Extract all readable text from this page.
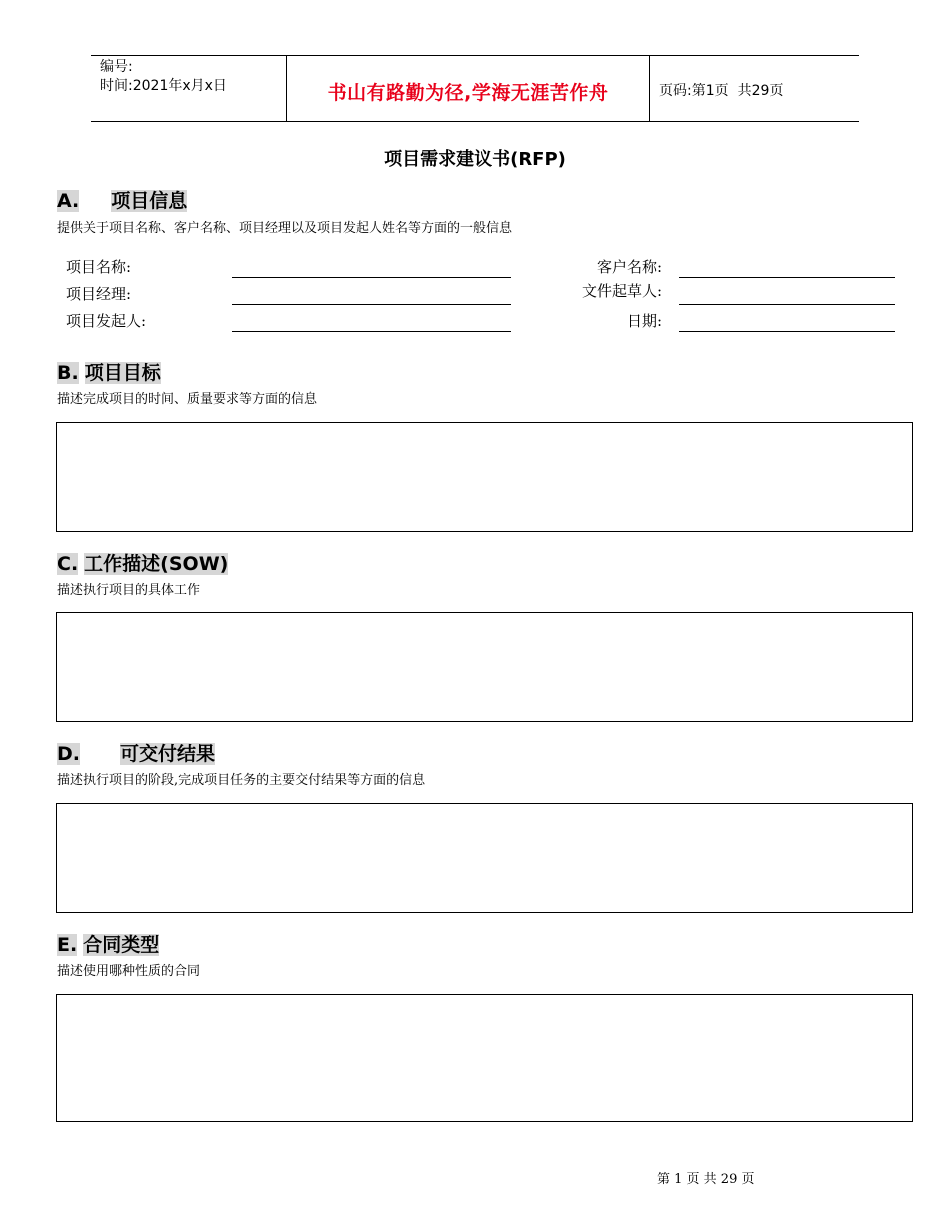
编号:
时间:2021年x月x日	书山有路勤为径,学海无涯苦作舟	页码:第1页 共29页
项目需求建议书(RFP)
A. 项目信息
提供关于项目名称、客户名称、项目经理以及项目发起人姓名等方面的一般信息
项目名称:
项目经理:
项目发起人:
客户名称:
文件起草人:
日期:
B. 项目目标
描述完成项目的时间、质量要求等方面的信息
C. 工作描述(SOW)
描述执行项目的具体工作
D. 可交付结果
描述执行项目的阶段,完成项目任务的主要交付结果等方面的信息
E. 合同类型
描述使用哪种性质的合同
第 1 页 共 29 页
